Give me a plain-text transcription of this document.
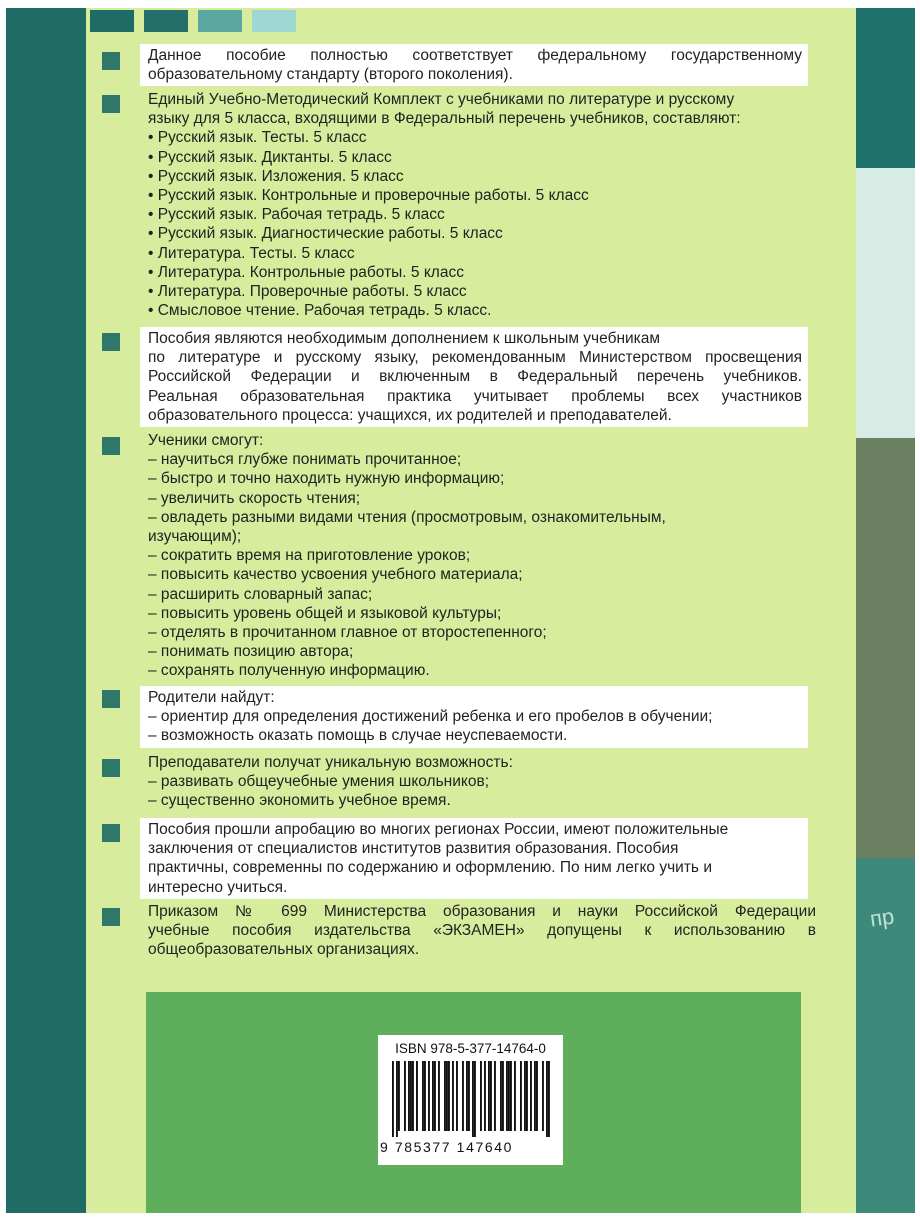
пр
Данное пособие полностью соответствует федеральному государственному
образовательному стандарту (второго поколения).
Единый Учебно-Методический Комплект с учебниками по литературе и русскому
языку для 5 класса, входящими в Федеральный перечень учебников, составляют:
• Русский язык. Тесты. 5 класс
• Русский язык. Диктанты. 5 класс
• Русский язык. Изложения. 5 класс
• Русский язык. Контрольные и проверочные работы. 5 класс
• Русский язык. Рабочая тетрадь. 5 класс
• Русский язык. Диагностические работы. 5 класс
• Литература. Тесты. 5 класс
• Литература. Контрольные работы. 5 класс
• Литература. Проверочные работы. 5 класс
• Смысловое чтение. Рабочая тетрадь. 5 класс.
Пособия являются необходимым дополнением к школьным учебникам
по литературе и русскому языку, рекомендованным Министерством просвещения
Российской Федерации и включенным в Федеральный перечень учебников.
Реальная образовательная практика учитывает проблемы всех участников
образовательного процесса: учащихся, их родителей и преподавателей.
Ученики смогут:
– научиться глубже понимать прочитанное;
– быстро и точно находить нужную информацию;
– увеличить скорость чтения;
– овладеть разными видами чтения (просмотровым, ознакомительным,
изучающим);
– сократить время на приготовление уроков;
– повысить качество усвоения учебного материала;
– расширить словарный запас;
– повысить уровень общей и языковой культуры;
– отделять в прочитанном главное от второстепенного;
– понимать позицию автора;
– сохранять полученную информацию.
Родители найдут:
– ориентир для определения достижений ребенка и его пробелов в обучении;
– возможность оказать помощь в случае неуспеваемости.
Преподаватели получат уникальную возможность:
– развивать общеучебные умения школьников;
– существенно экономить учебное время.
Пособия прошли апробацию во многих регионах России, имеют положительные
заключения от специалистов институтов развития образования. Пособия
практичны, современны по содержанию и оформлению. По ним легко учить и
интересно учиться.
Приказом № 699 Министерства образования и науки Российской Федерации
учебные пособия издательства «ЭКЗАМЕН» допущены к использованию в
общеобразовательных организациях.
ISBN 978-5-377-14764-0
9 785377 147640
